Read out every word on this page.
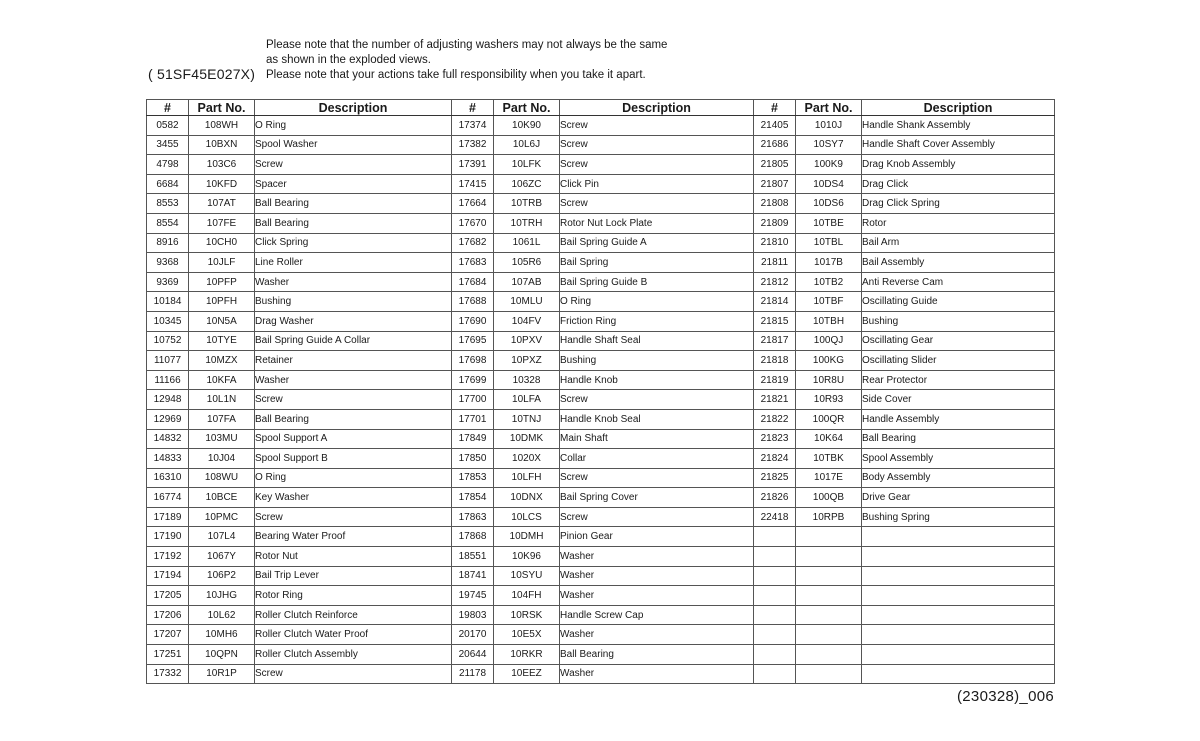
( 51SF45E027X)
Please note that the number of adjusting washers may not always be the same
as shown in the exploded views.
Please note that your actions take full responsibility when you take it apart.
#	Part No.	Description	#	Part No.	Description	#	Part No.	Description
0582	108WH	O Ring	17374	10K90	Screw	21405	1010J	Handle Shank Assembly
3455	10BXN	Spool Washer	17382	10L6J	Screw	21686	10SY7	Handle Shaft Cover Assembly
4798	103C6	Screw	17391	10LFK	Screw	21805	100K9	Drag Knob Assembly
6684	10KFD	Spacer	17415	106ZC	Click Pin	21807	10DS4	Drag Click
8553	107AT	Ball Bearing	17664	10TRB	Screw	21808	10DS6	Drag Click Spring
8554	107FE	Ball Bearing	17670	10TRH	Rotor Nut Lock Plate	21809	10TBE	Rotor
8916	10CH0	Click Spring	17682	1061L	Bail Spring Guide A	21810	10TBL	Bail Arm
9368	10JLF	Line Roller	17683	105R6	Bail Spring	21811	1017B	Bail Assembly
9369	10PFP	Washer	17684	107AB	Bail Spring Guide B	21812	10TB2	Anti Reverse Cam
10184	10PFH	Bushing	17688	10MLU	O Ring	21814	10TBF	Oscillating Guide
10345	10N5A	Drag Washer	17690	104FV	Friction Ring	21815	10TBH	Bushing
10752	10TYE	Bail Spring Guide A Collar	17695	10PXV	Handle Shaft Seal	21817	100QJ	Oscillating Gear
11077	10MZX	Retainer	17698	10PXZ	Bushing	21818	100KG	Oscillating Slider
11166	10KFA	Washer	17699	10328	Handle Knob	21819	10R8U	Rear Protector
12948	10L1N	Screw	17700	10LFA	Screw	21821	10R93	Side Cover
12969	107FA	Ball Bearing	17701	10TNJ	Handle Knob Seal	21822	100QR	Handle Assembly
14832	103MU	Spool Support A	17849	10DMK	Main Shaft	21823	10K64	Ball Bearing
14833	10J04	Spool Support B	17850	1020X	Collar	21824	10TBK	Spool Assembly
16310	108WU	O Ring	17853	10LFH	Screw	21825	1017E	Body Assembly
16774	10BCE	Key Washer	17854	10DNX	Bail Spring Cover	21826	100QB	Drive Gear
17189	10PMC	Screw	17863	10LCS	Screw	22418	10RPB	Bushing Spring
17190	107L4	Bearing Water Proof	17868	10DMH	Pinion Gear			
17192	1067Y	Rotor Nut	18551	10K96	Washer			
17194	106P2	Bail Trip Lever	18741	10SYU	Washer			
17205	10JHG	Rotor Ring	19745	104FH	Washer			
17206	10L62	Roller Clutch Reinforce	19803	10RSK	Handle Screw Cap			
17207	10MH6	Roller Clutch Water Proof	20170	10E5X	Washer			
17251	10QPN	Roller Clutch Assembly	20644	10RKR	Ball Bearing			
17332	10R1P	Screw	21178	10EEZ	Washer			
(230328)_006
